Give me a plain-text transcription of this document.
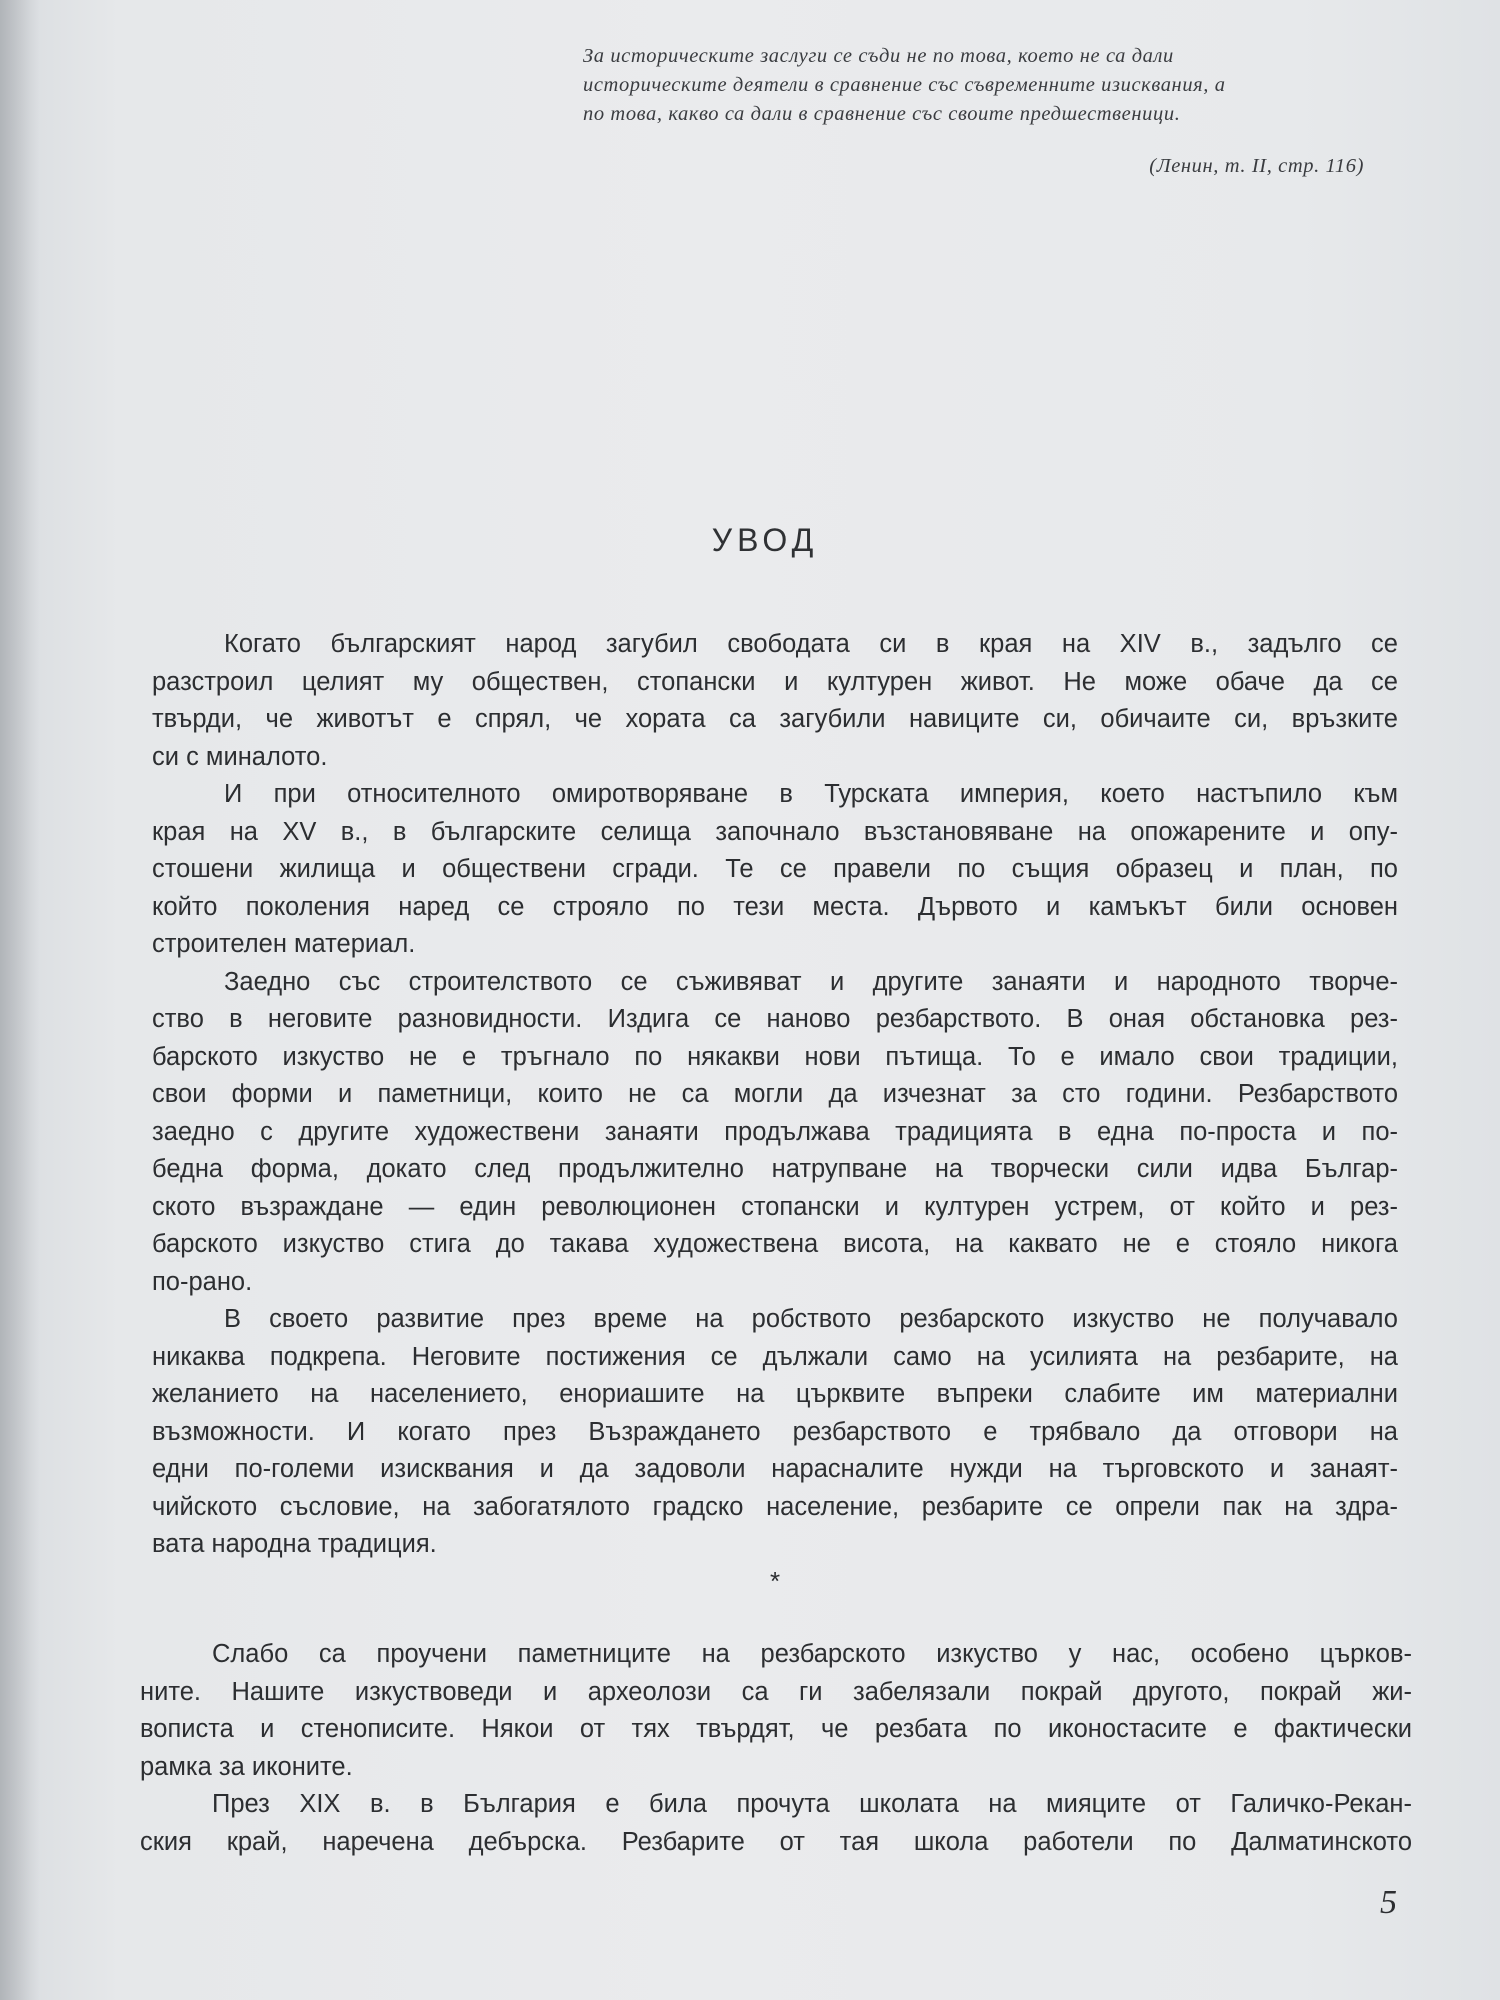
За историческите заслуги се съди не по това, което не са дали
историческите деятели в сравнение със съвременните изисквания, а
по това, какво са дали в сравнение със своите предшественици.
(Ленин, т. II, стр. 116)
УВОД
Когато българският народ загубил свободата си в края на XIV в., задълго се
разстроил целият му обществен, стопански и културен живот. Не може обаче да се
твърди, че животът е спрял, че хората са загубили навиците си, обичаите си, връзките
си с миналото.
И при относителното омиротворяване в Турската империя, което настъпило към
края на XV в., в българските селища започнало възстановяване на опожарените и опу-
стошени жилища и обществени сгради. Те се правели по същия образец и план, по
който поколения наред се строяло по тези места. Дървото и камъкът били основен
строителен материал.
Заедно със строителството се съживяват и другите занаяти и народното творче-
ство в неговите разновидности. Издига се наново резбарството. В оная обстановка рез-
барското изкуство не е тръгнало по някакви нови пътища. То е имало свои традиции,
свои форми и паметници, които не са могли да изчезнат за сто години. Резбарството
заедно с другите художествени занаяти продължава традицията в една по-проста и по-
бедна форма, докато след продължително натрупване на творчески сили идва Българ-
ското възраждане — един революционен стопански и културен устрем, от който и рез-
барското изкуство стига до такава художествена висота, на каквато не е стояло никога
по-рано.
В своето развитие през време на робството резбарското изкуство не получавало
никаква подкрепа. Неговите постижения се дължали само на усилията на резбарите, на
желанието на населението, енориашите на църквите въпреки слабите им материални
възможности. И когато през Възраждането резбарството е трябвало да отговори на
едни по-големи изисквания и да задоволи нарасналите нужди на търговското и занаят-
чийското съсловие, на забогатялото градско население, резбарите се опрели пак на здра-
вата народна традиция.
*
Слабо са проучени паметниците на резбарското изкуство у нас, особено църков-
ните. Нашите изкуствоведи и археолози са ги забелязали покрай другото, покрай жи-
вописта и стенописите. Някои от тях твърдят, че резбата по иконостасите е фактически
рамка за иконите.
През XIX в. в България е била прочута школата на мияците от Галичко-Рекан-
ския край, наречена дебърска. Резбарите от тая школа работели по Далматинското
5
